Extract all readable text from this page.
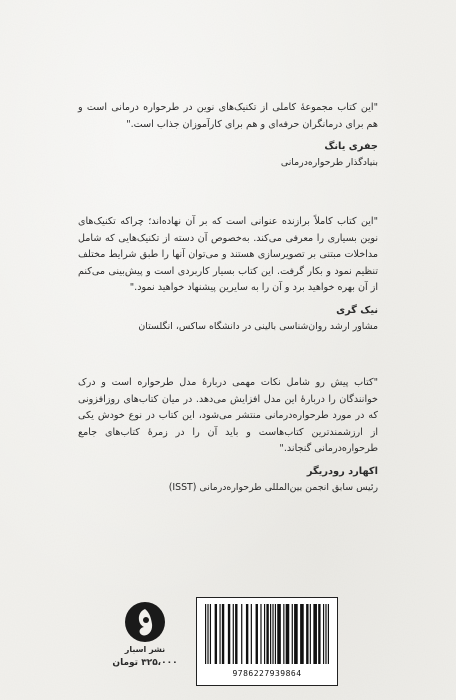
"این کتاب مجموعهٔ کاملی از تکنیک‌های نوین در طرحواره درمانی است و هم برای درمانگران حرفه‌ای و هم برای کارآموزان جذاب است."
جفری یانگ
بنیادگذار طرحواره‌درمانی
"این کتاب کاملاً برازنده عنوانی است که بر آن نهاده‌اند؛ چراکه تکنیک‌های نوین بسیاری را معرفی می‌کند. به‌خصوص آن دسته از تکنیک‌هایی که شامل مداخلات مبتنی بر تصویرسازی هستند و می‌توان آنها را طبق شرایط مختلف تنظیم نمود و بکار گرفت. این کتاب بسیار کاربردی است و پیش‌بینی می‌کنم از آن بهره خواهید برد و آن را به سایرین پیشنهاد خواهید نمود."
نیک گری
مشاور ارشد روان‌شناسی بالینی در دانشگاه ساکس، انگلستان
"کتاب پیش رو شامل نکات مهمی دربارهٔ مدل طرحواره است و درک خوانندگان را دربارهٔ این مدل افزایش می‌دهد. در میان کتاب‌های روزافزونی که در مورد طرحواره‌درمانی منتشر می‌شود، این کتاب در نوع خودش یکی از ارزشمندترین کتاب‌هاست و باید آن را در زمرهٔ کتاب‌های جامع طرحواره‌درمانی گنجاند."
اکهارد رودریگر
رئیس سابق انجمن بین‌المللی طرحواره‌درمانی (ISST)
نشر اسبار
۳۲۵،۰۰۰ تومان
9786227939864
